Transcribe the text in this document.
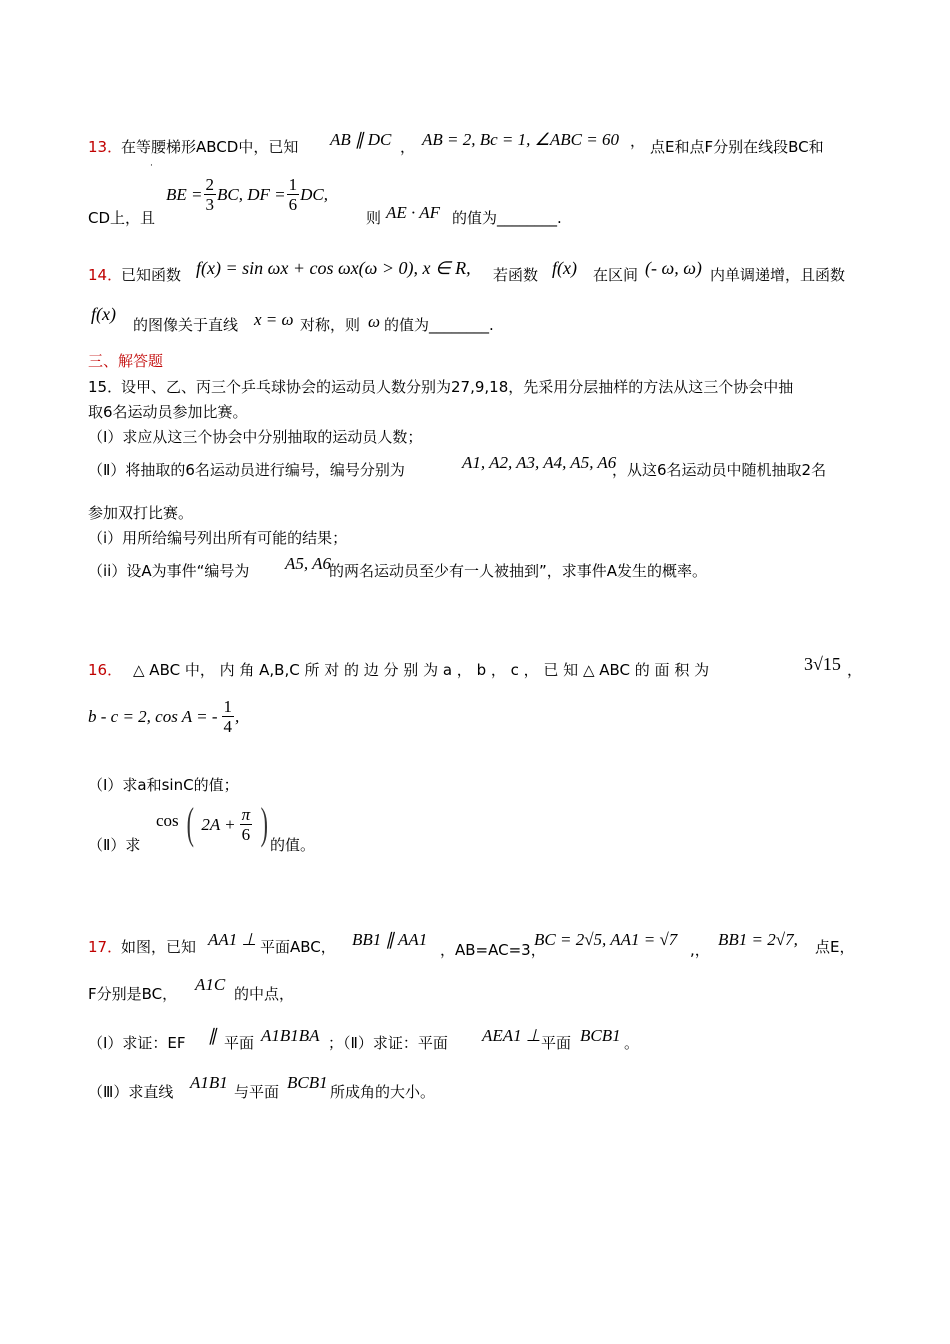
13．
在等腰梯形ABCD中，已知 AB ∥ DC ， AB = 2, Bc = 1, ∠ABC = 60 ， 点E和点F分别在线段BC和
·
CD上，且
BE = $\frac{2}{3}$ BC, DF = $\frac{1}{6}$ DC,
则 AE · AF 的值为________.
14．
已知函数 f(x) = sin ωx + cos ωx(ω > 0), x ∈ R, 若函数 f(x) 在区间 (- ω, ω) 内单调递增，且函数
f(x)
的图像关于直线 x = ω 对称，则 ω 的值为________.
三、解答题
15．
设甲、乙、丙三个乒乓球协会的运动员人数分别为27,9,18，先采用分层抽样的方法从这三个协会中抽
取6名运动员参加比赛。
（Ⅰ）求应从这三个协会中分别抽取的运动员人数；
（Ⅱ）将抽取的6名运动员进行编号，编号分别为	A1, A2, A3, A4, A5, A6
，从这6名运动员中随机抽取2名
参加双打比赛。
（i）用所给编号列出所有可能的结果；
（ii）设A为事件“编号为 A5, A6
的两名运动员至少有一人被抽到”，求事件A发生的概率。
16． △ ABC 中， 内 角 A,B,C 所 对 的 边 分 别 为 a ， b ， c ， 已 知 △ ABC 的 面 积 为	3√15 ，
b - c = 2, cos A = - $\frac{1}{4}$ ,
（Ⅰ）求a和sinC的值；
（Ⅱ）求
cos ( $2A + \frac{\pi}{6}$ ) 的值。
17．
如图，已知 AA1 ⊥ 平面ABC， BB1 ∥ AA1
，AB=AC=3，
BC = 2√5, AA1 = √7
,，
BB1 = 2√7, 点E，
F分别是BC， A1C 的中点，
（Ⅰ）求证：EF ∥ 平面 A1B1BA ；（Ⅱ）求证：平面 AEA1 ⊥ 平面 BCB1 。
（Ⅲ）求直线 A1B1 与平面 BCB1 所成角的大小。
